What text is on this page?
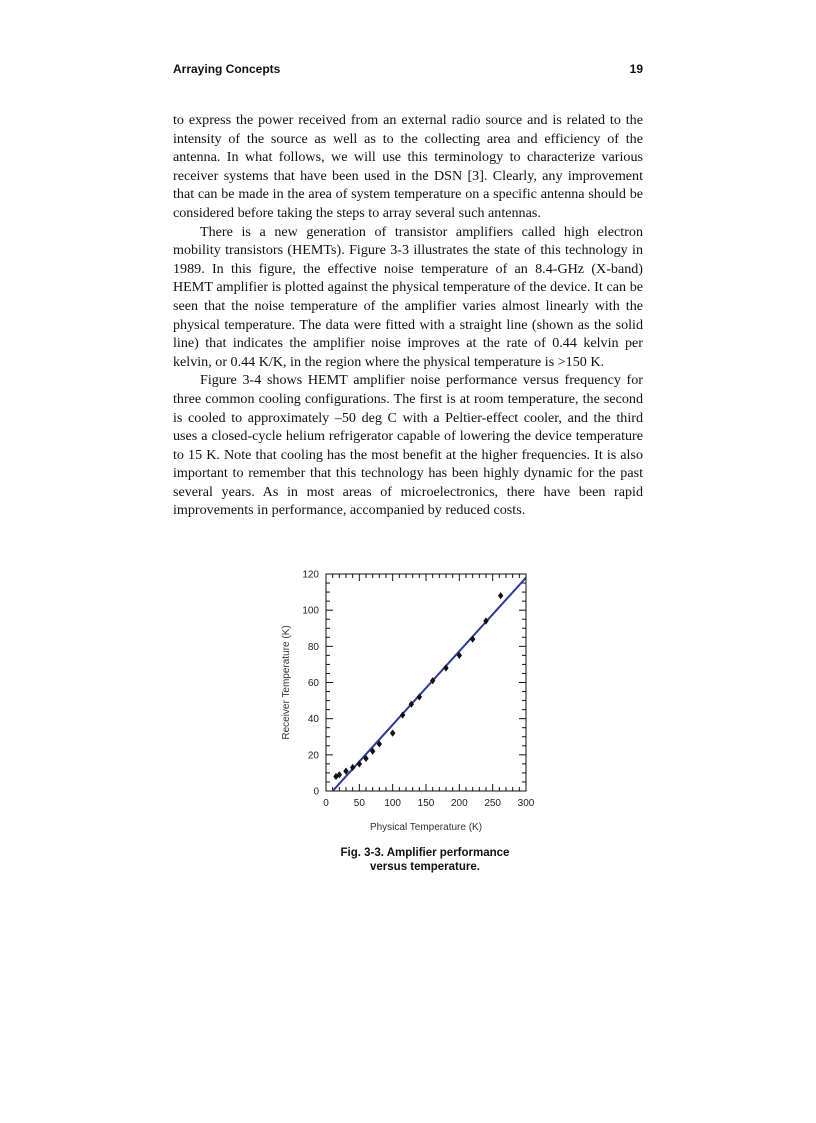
Arraying Concepts	19

to express the power received from an external radio source and is related to the intensity of the source as well as to the collecting area and efficiency of the antenna. In what follows, we will use this terminology to characterize various receiver systems that have been used in the DSN [3]. Clearly, any improvement that can be made in the area of system temperature on a specific antenna should be considered before taking the steps to array several such antennas.

There is a new generation of transistor amplifiers called high electron mobility transistors (HEMTs). Figure 3-3 illustrates the state of this technology in 1989. In this figure, the effective noise temperature of an 8.4-GHz (X-band) HEMT amplifier is plotted against the physical temperature of the device. It can be seen that the noise temperature of the amplifier varies almost linearly with the physical temperature. The data were fitted with a straight line (shown as the solid line) that indicates the amplifier noise improves at the rate of 0.44 kelvin per kelvin, or 0.44 K/K, in the region where the physical temperature is >150 K.

Figure 3-4 shows HEMT amplifier noise performance versus frequency for three common cooling configurations. The first is at room temperature, the second is cooled to approximately –50 deg C with a Peltier-effect cooler, and the third uses a closed-cycle helium refrigerator capable of lowering the device temperature to 15 K. Note that cooling has the most benefit at the higher frequencies. It is also important to remember that this technology has been highly dynamic for the past several years. As in most areas of microelectronics, there have been rapid improvements in performance, accompanied by reduced costs.

0 50 100 150 200 250 300
0
20
40
60
80
100
120
Physical Temperature (K)
Receiver Temperature (K)
Fig. 3-3. Amplifier performance
versus temperature.
